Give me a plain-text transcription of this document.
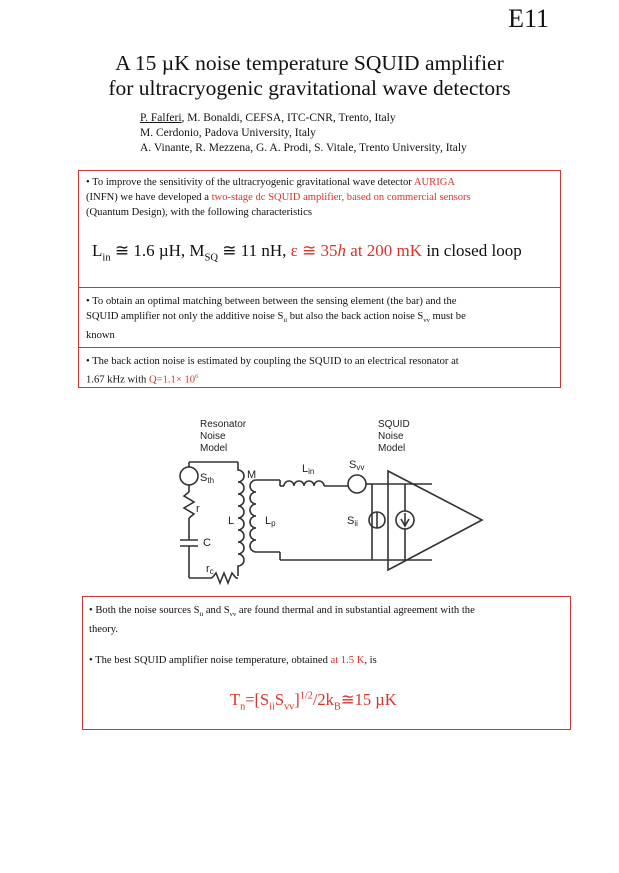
E11
A 15 µK noise temperature SQUID amplifier
for ultracryogenic gravitational wave detectors
P. Falferi, M. Bonaldi, CEFSA, ITC-CNR, Trento, Italy
M. Cerdonio, Padova University, Italy
A. Vinante, R. Mezzena, G. A. Prodi, S. Vitale, Trento University, Italy
• To improve the sensitivity of the ultracryogenic gravitational wave detector AURIGA
(INFN) we have developed a two-stage dc SQUID amplifier, based on commercial sensors
(Quantum Design), with the following characteristics
$L_{in}$ ≅ 1.6 µH, $M_{SQ}$ ≅ 11 nH, ε ≅ 35h at 200 mK in closed loop
• To obtain an optimal matching between between the sensing element (the bar) and the
SQUID amplifier not only the additive noise $S_{ii}$ but also the back action noise $S_{vv}$ must be
known
• The back action noise is estimated by coupling the SQUID to an electrical resonator at
1.67 kHz with $Q=1.1\times 10^6$
Resonator
Noise
Model
SQUID
Noise
Model
Sth
r
C
rc
L
M
Lp
Lin
Svv
Sii
• Both the noise sources $S_{ii}$ and $S_{vv}$ are found thermal and in substantial agreement with the
theory.
• The best SQUID amplifier noise temperature, obtained at 1.5 K, is
$T_n=[S_{ii}S_{vv}]^{1/2}/2k_B≅15$ µK
